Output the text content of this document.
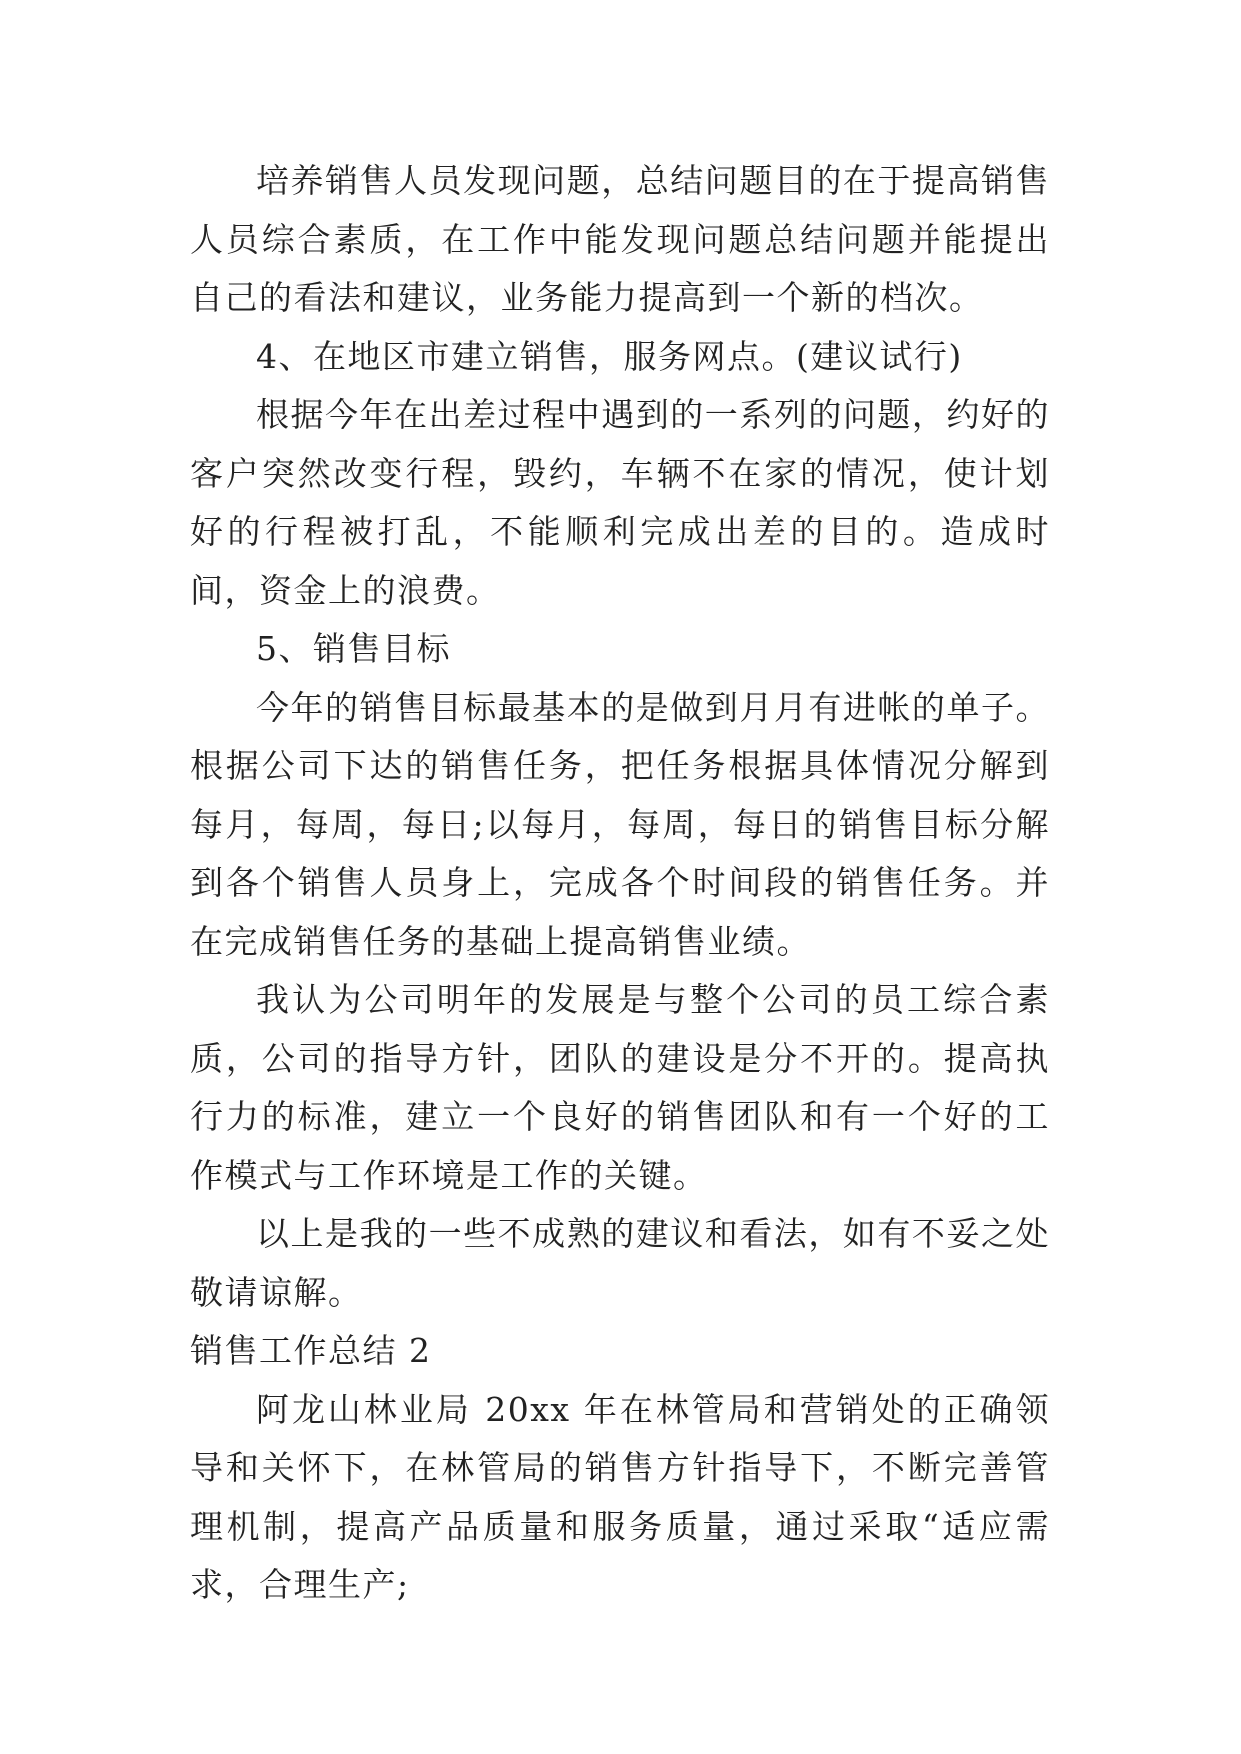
培养销售人员发现问题，总结问题目的在于提高销售人员综合素质，在工作中能发现问题总结问题并能提出自己的看法和建议，业务能力提高到一个新的档次。

4、在地区市建立销售，服务网点。(建议试行)

根据今年在出差过程中遇到的一系列的问题，约好的客户突然改变行程，毁约，车辆不在家的情况，使计划好的行程被打乱，不能顺利完成出差的目的。造成时间，资金上的浪费。

5、销售目标

今年的销售目标最基本的是做到月月有进帐的单子。根据公司下达的销售任务，把任务根据具体情况分解到每月，每周，每日;以每月，每周，每日的销售目标分解到各个销售人员身上，完成各个时间段的销售任务。并在完成销售任务的基础上提高销售业绩。

我认为公司明年的发展是与整个公司的员工综合素质，公司的指导方针，团队的建设是分不开的。提高执行力的标准，建立一个良好的销售团队和有一个好的工作模式与工作环境是工作的关键。

以上是我的一些不成熟的建议和看法，如有不妥之处敬请谅解。

销售工作总结 2

阿龙山林业局 20xx 年在林管局和营销处的正确领导和关怀下，在林管局的销售方针指导下，不断完善管理机制，提高产品质量和服务质量，通过采取“适应需求，合理生产;
